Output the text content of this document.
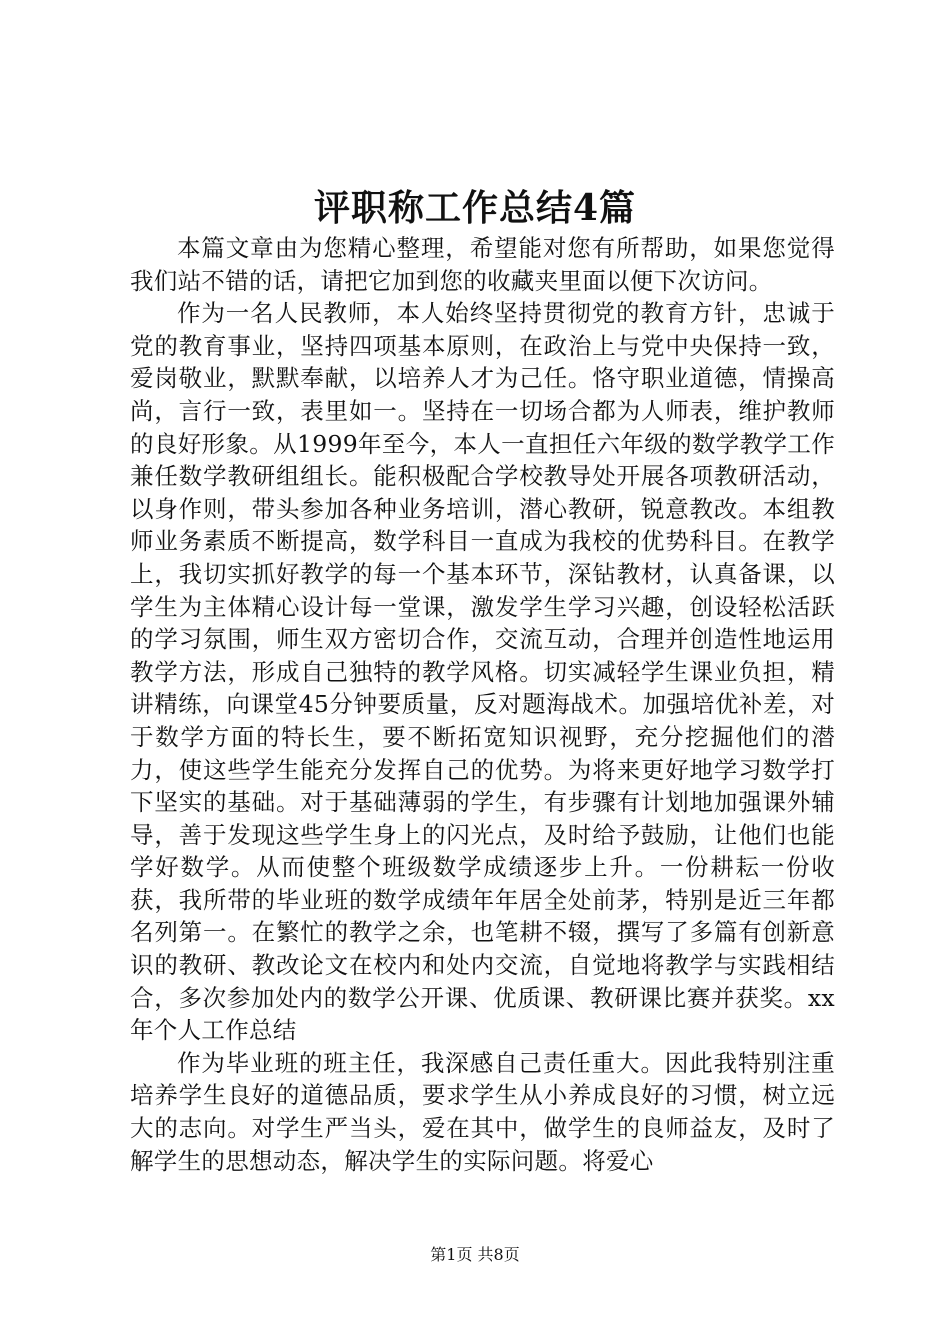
评职称工作总结4篇

本篇文章由为您精心整理，希望能对您有所帮助，如果您觉得我们站不错的话，请把它加到您的收藏夹里面以便下次访问。

作为一名人民教师，本人始终坚持贯彻党的教育方针，忠诚于党的教育事业，坚持四项基本原则，在政治上与党中央保持一致，爱岗敬业，默默奉献，以培养人才为己任。恪守职业道德，情操高尚，言行一致，表里如一。坚持在一切场合都为人师表，维护教师的良好形象。从1999年至今，本人一直担任六年级的数学教学工作兼任数学教研组组长。能积极配合学校教导处开展各项教研活动，以身作则，带头参加各种业务培训，潜心教研，锐意教改。本组教师业务素质不断提高，数学科目一直成为我校的优势科目。在教学上，我切实抓好教学的每一个基本环节，深钻教材，认真备课，以学生为主体精心设计每一堂课，激发学生学习兴趣，创设轻松活跃的学习氛围，师生双方密切合作，交流互动，合理并创造性地运用教学方法，形成自己独特的教学风格。切实减轻学生课业负担，精讲精练，向课堂45分钟要质量，反对题海战术。加强培优补差，对于数学方面的特长生，要不断拓宽知识视野，充分挖掘他们的潜力，使这些学生能充分发挥自己的优势。为将来更好地学习数学打下坚实的基础。对于基础薄弱的学生，有步骤有计划地加强课外辅导，善于发现这些学生身上的闪光点，及时给予鼓励，让他们也能学好数学。从而使整个班级数学成绩逐步上升。一份耕耘一份收获，我所带的毕业班的数学成绩年年居全处前茅，特别是近三年都名列第一。在繁忙的教学之余，也笔耕不辍，撰写了多篇有创新意识的教研、教改论文在校内和处内交流，自觉地将教学与实践相结合，多次参加处内的数学公开课、优质课、教研课比赛并获奖。xx年个人工作总结

作为毕业班的班主任，我深感自己责任重大。因此我特别注重培养学生良好的道德品质，要求学生从小养成良好的习惯，树立远大的志向。对学生严当头，爱在其中，做学生的良师益友，及时了解学生的思想动态，解决学生的实际问题。将爱心

第1页 共8页
